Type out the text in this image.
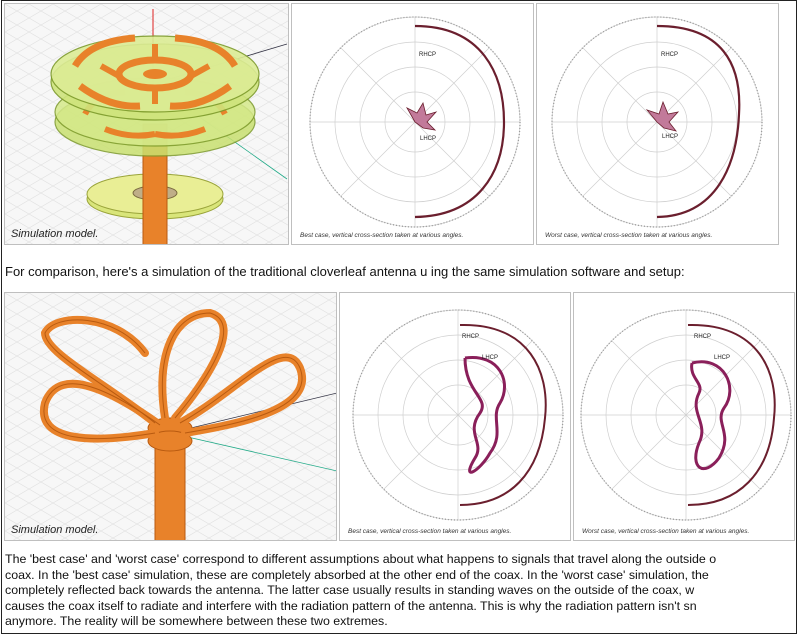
Simulation model.
RHCP
LHCP
Best case, vertical cross-section taken at various angles.
RHCP
LHCP
Worst case, vertical cross-section taken at various angles.
For comparison, here's a simulation of the traditional cloverleaf antenna u ing the same simulation software and setup:
Simulation model.
RHCP
LHCP
Best case, vertical cross-section taken at various angles.
RHCP
LHCP
Worst case, vertical cross-section taken at various angles.

The 'best case' and 'worst case' correspond to different assumptions about what happens to signals that travel along the outside o

coax. In the 'best case' simulation, these are completely absorbed at the other end of the coax. In the 'worst case' simulation, the

completely reflected back towards the antenna. The latter case usually results in standing waves on the outside of the coax, w

causes the coax itself to radiate and interfere with the radiation pattern of the antenna. This is why the radiation pattern isn't sn

anymore. The reality will be somewhere between these two extremes.
